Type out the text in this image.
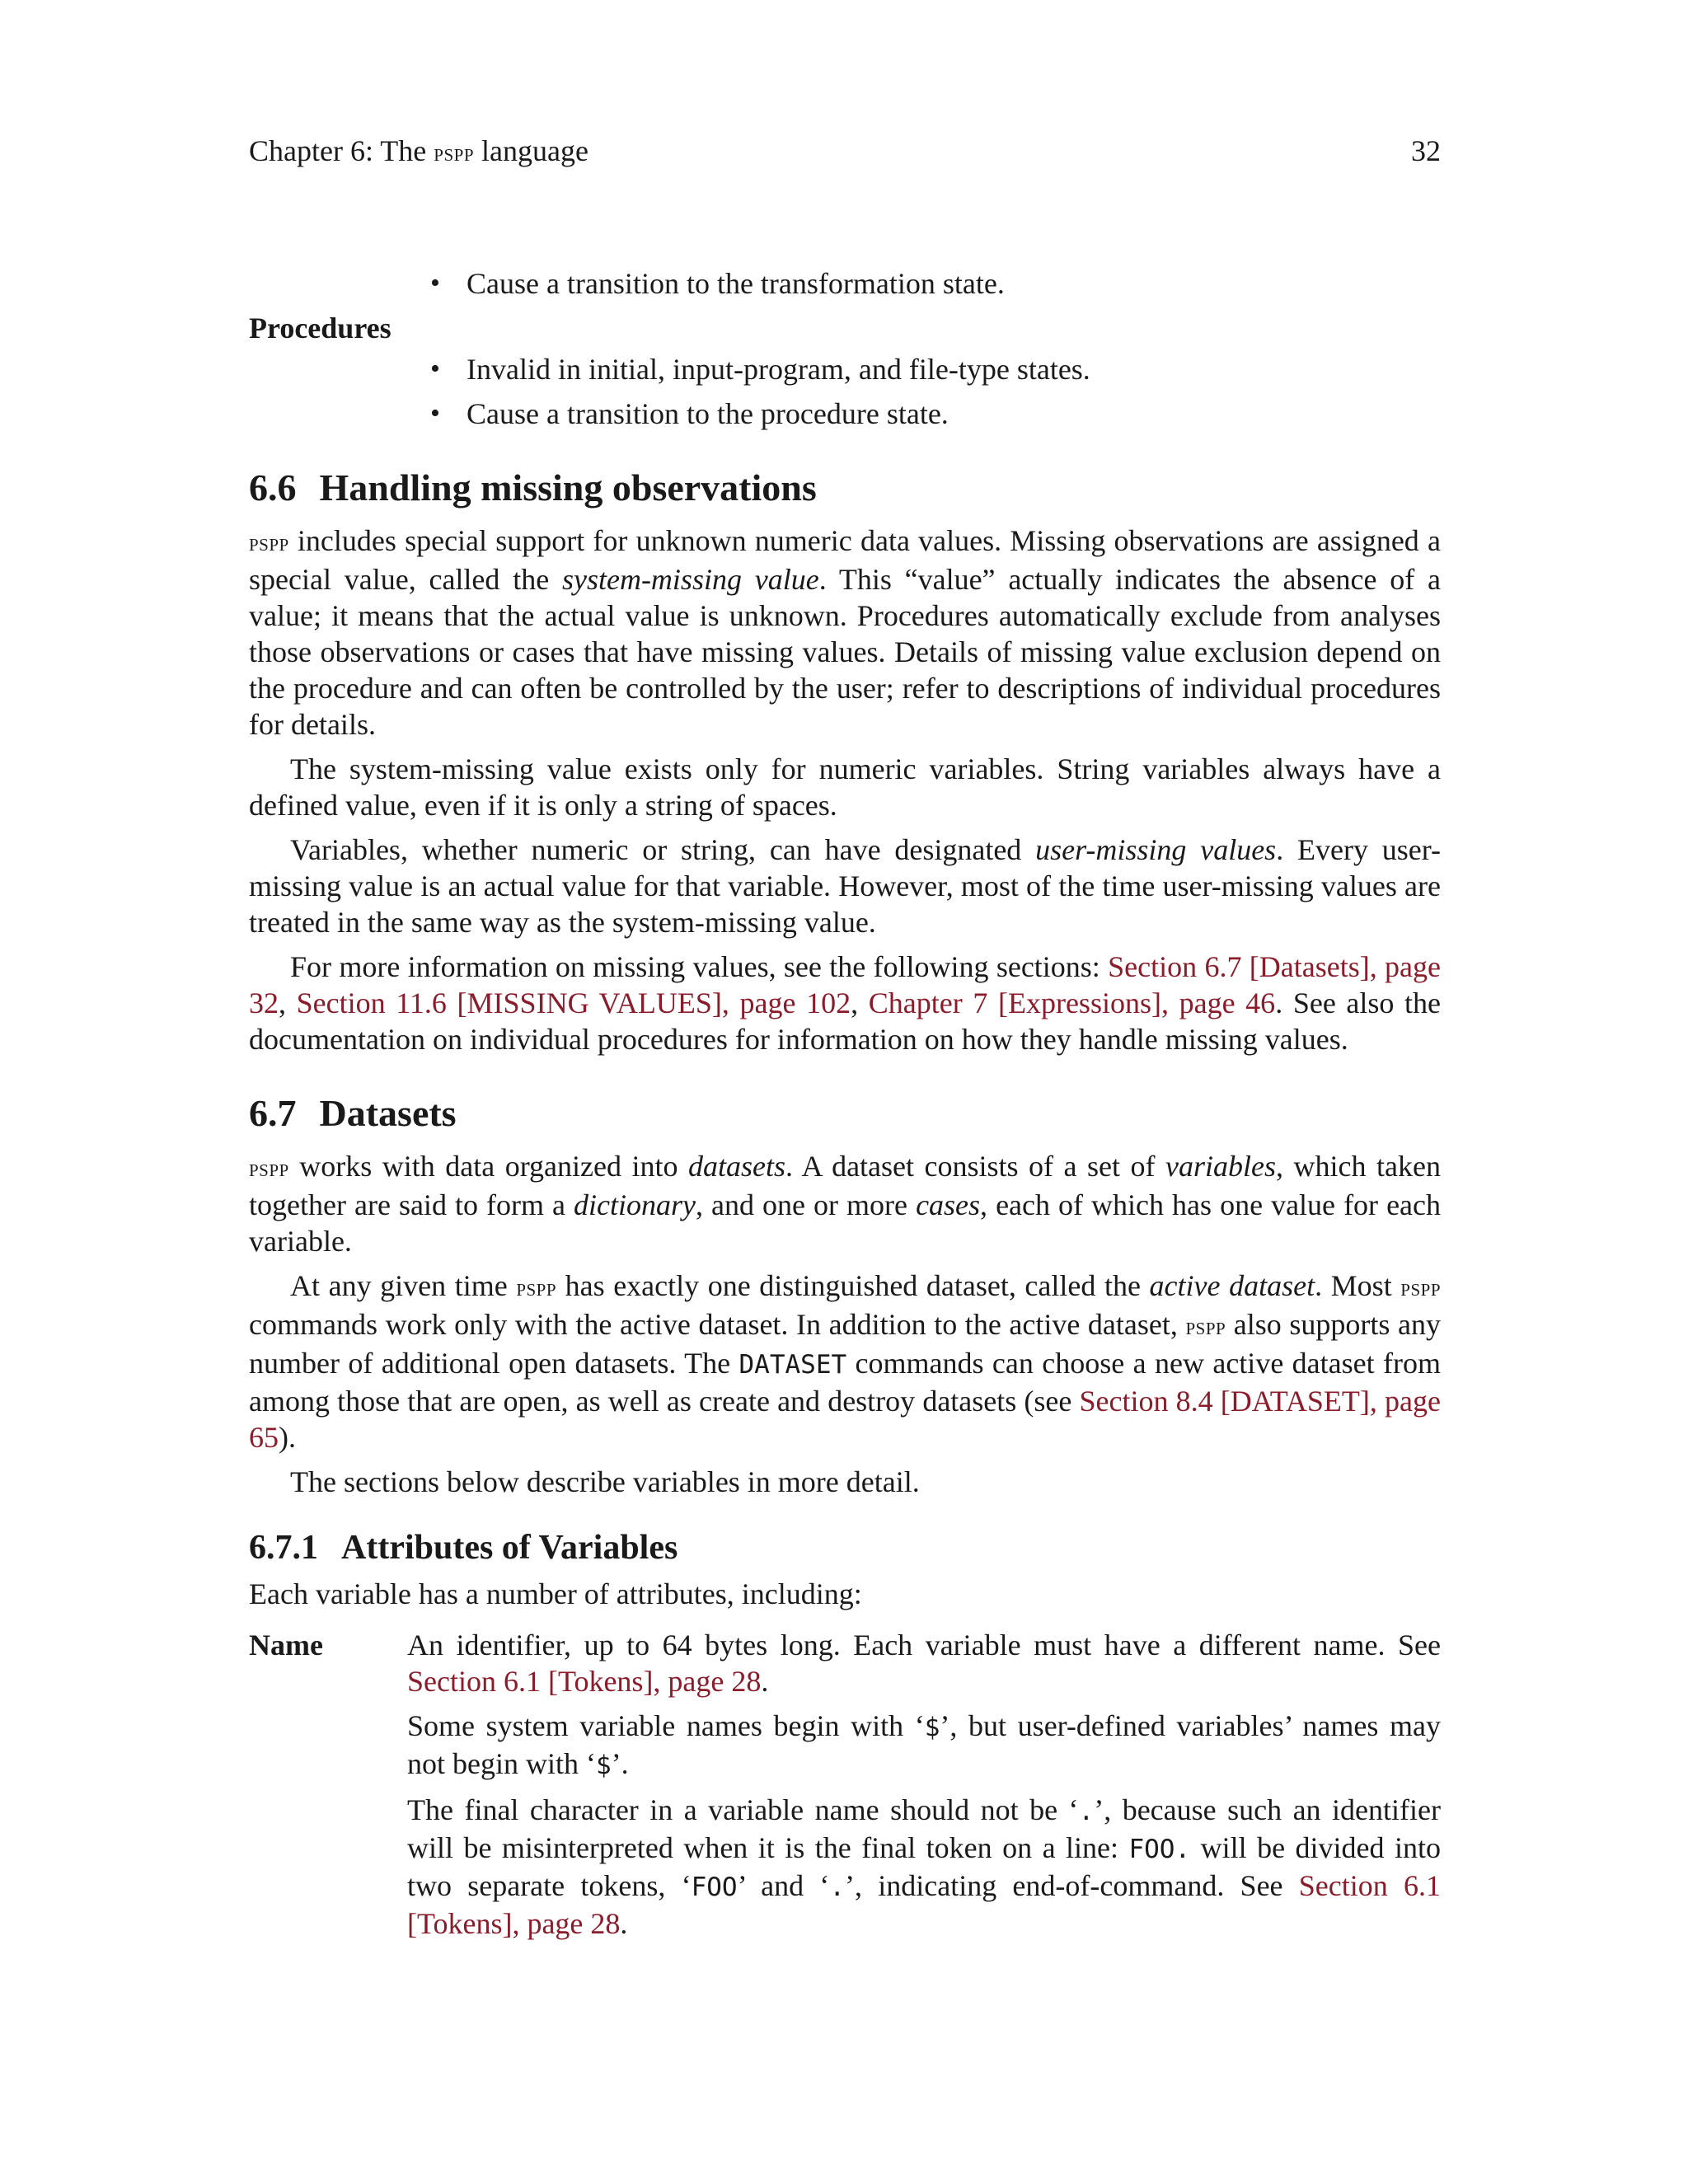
Chapter 6: The pspp language	32
• Cause a transition to the transformation state.
Procedures
• Invalid in initial, input-program, and file-type states.
• Cause a transition to the procedure state.
6.6 Handling missing observations

pspp includes special support for unknown numeric data values. Missing observations are assigned a special value, called the system-missing value. This “value” actually indicates the absence of a value; it means that the actual value is unknown. Procedures automatically exclude from analyses those observations or cases that have missing values. Details of missing value exclusion depend on the procedure and can often be controlled by the user; refer to descriptions of individual procedures for details.

The system-missing value exists only for numeric variables. String variables always have a defined value, even if it is only a string of spaces.

Variables, whether numeric or string, can have designated user-missing values. Every user-missing value is an actual value for that variable. However, most of the time user-missing values are treated in the same way as the system-missing value.

For more information on missing values, see the following sections: Section 6.7 [Datasets], page 32, Section 11.6 [MISSING VALUES], page 102, Chapter 7 [Expressions], page 46. See also the documentation on individual procedures for information on how they handle missing values.

6.7 Datasets

pspp works with data organized into datasets. A dataset consists of a set of variables, which taken together are said to form a dictionary, and one or more cases, each of which has one value for each variable.

At any given time pspp has exactly one distinguished dataset, called the active dataset. Most pspp commands work only with the active dataset. In addition to the active dataset, pspp also supports any number of additional open datasets. The DATASET commands can choose a new active dataset from among those that are open, as well as create and destroy datasets (see Section 8.4 [DATASET], page 65).

The sections below describe variables in more detail.

6.7.1 Attributes of Variables

Each variable has a number of attributes, including:

Name	An identifier, up to 64 bytes long. Each variable must have a different name. See Section 6.1 [Tokens], page 28.

Some system variable names begin with ‘$’, but user-defined variables’ names may not begin with ‘$’.

The final character in a variable name should not be ‘.’, because such an identifier will be misinterpreted when it is the final token on a line: FOO. will be divided into two separate tokens, ‘FOO’ and ‘.’, indicating end-of-command. See Section 6.1 [Tokens], page 28.
